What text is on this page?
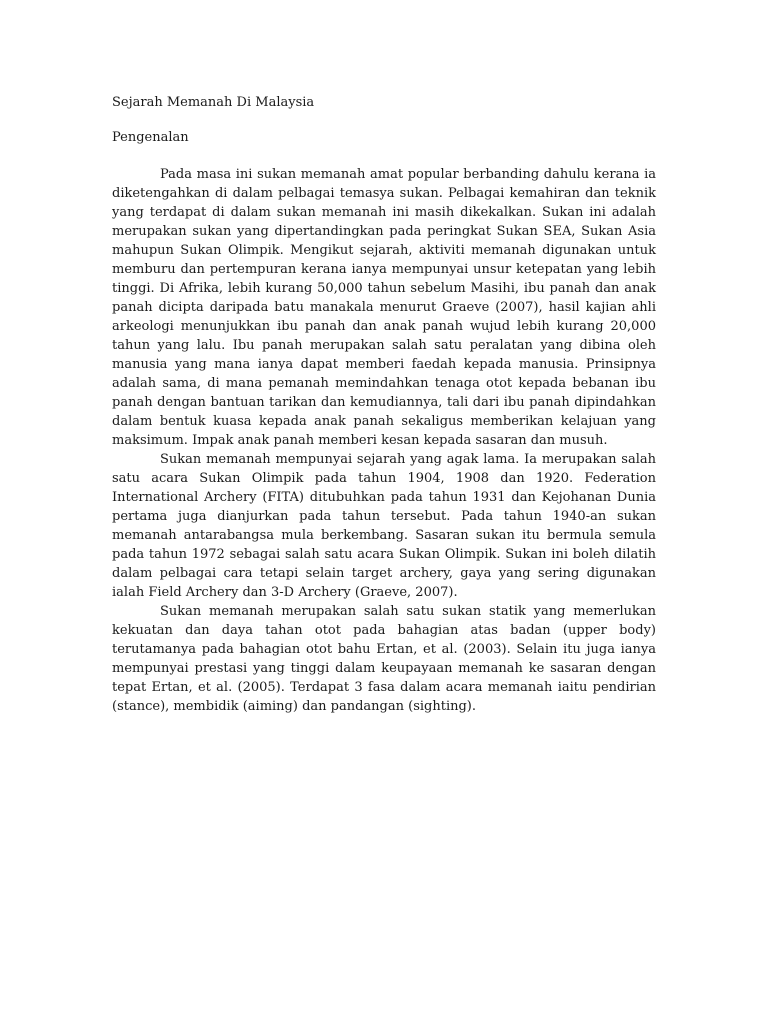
Sejarah Memanah Di Malaysia
Pengenalan

Pada masa ini sukan memanah amat popular berbanding dahulu kerana ia diketengahkan di dalam pelbagai temasya sukan. Pelbagai kemahiran dan teknik yang terdapat di dalam sukan memanah ini masih dikekalkan. Sukan ini adalah merupakan sukan yang dipertandingkan pada peringkat Sukan SEA, Sukan Asia mahupun Sukan Olimpik. Mengikut sejarah, aktiviti memanah digunakan untuk memburu dan pertempuran kerana ianya mempunyai unsur ketepatan yang lebih tinggi. Di Afrika, lebih kurang 50,000 tahun sebelum Masihi, ibu panah dan anak panah dicipta daripada batu manakala menurut Graeve (2007), hasil kajian ahli arkeologi menunjukkan ibu panah dan anak panah wujud lebih kurang 20,000 tahun yang lalu. Ibu panah merupakan salah satu peralatan yang dibina oleh manusia yang mana ianya dapat memberi faedah kepada manusia. Prinsipnya adalah sama, di mana pemanah memindahkan tenaga otot kepada bebanan ibu panah dengan bantuan tarikan dan kemudiannya, tali dari ibu panah dipindahkan dalam bentuk kuasa kepada anak panah sekaligus memberikan kelajuan yang maksimum. Impak anak panah memberi kesan kepada sasaran dan musuh.

Sukan memanah mempunyai sejarah yang agak lama. Ia merupakan salah satu acara Sukan Olimpik pada tahun 1904, 1908 dan 1920. Federation International Archery (FITA) ditubuhkan pada tahun 1931 dan Kejohanan Dunia pertama juga dianjurkan pada tahun tersebut. Pada tahun 1940-an sukan memanah antarabangsa mula berkembang. Sasaran sukan itu bermula semula pada tahun 1972 sebagai salah satu acara Sukan Olimpik. Sukan ini boleh dilatih dalam pelbagai cara tetapi selain target archery, gaya yang sering digunakan ialah Field Archery dan 3-D Archery (Graeve, 2007).

Sukan memanah merupakan salah satu sukan statik yang memerlukan kekuatan dan daya tahan otot pada bahagian atas badan (upper body) terutamanya pada bahagian otot bahu Ertan, et al. (2003). Selain itu juga ianya mempunyai prestasi yang tinggi dalam keupayaan memanah ke sasaran dengan tepat Ertan, et al. (2005). Terdapat 3 fasa dalam acara memanah iaitu pendirian (stance), membidik (aiming) dan pandangan (sighting).
